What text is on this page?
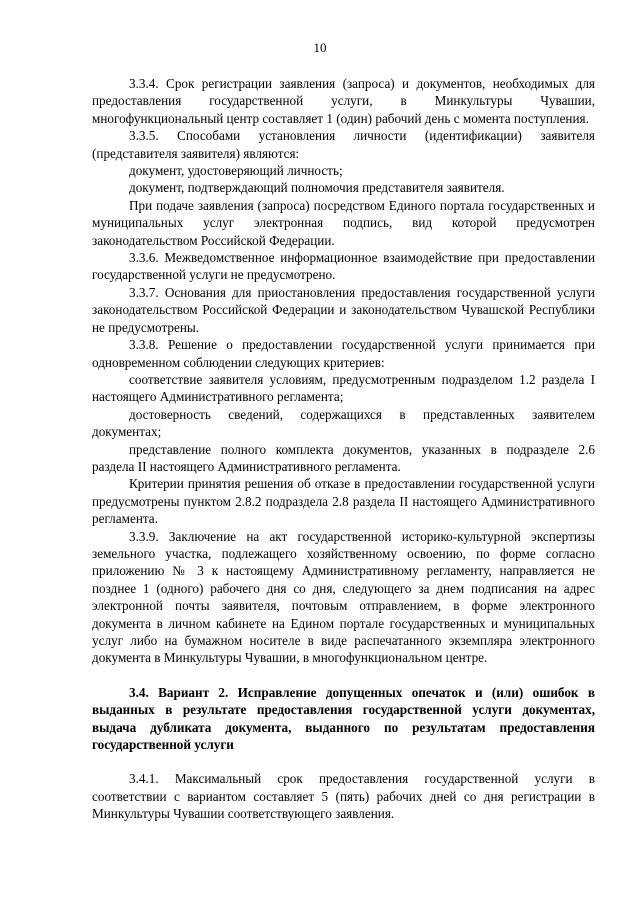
10

3.3.4. Срок регистрации заявления (запроса) и документов, необходимых для предоставления государственной услуги, в Минкультуры Чувашии, многофункциональный центр составляет 1 (один) рабочий день с момента поступления.

3.3.5. Способами установления личности (идентификации) заявителя (представителя заявителя) являются:

документ, удостоверяющий личность;

документ, подтверждающий полномочия представителя заявителя.

При подаче заявления (запроса) посредством Единого портала государственных и муниципальных услуг электронная подпись, вид которой предусмотрен законодательством Российской Федерации.

3.3.6. Межведомственное информационное взаимодействие при предоставлении государственной услуги не предусмотрено.

3.3.7. Основания для приостановления предоставления государственной услуги законодательством Российской Федерации и законодательством Чувашской Республики не предусмотрены.

3.3.8. Решение о предоставлении государственной услуги принимается при одновременном соблюдении следующих критериев:

соответствие заявителя условиям, предусмотренным подразделом 1.2 раздела I настоящего Административного регламента;

достоверность сведений, содержащихся в представленных заявителем документах;

представление полного комплекта документов, указанных в подразделе 2.6 раздела II настоящего Административного регламента.

Критерии принятия решения об отказе в предоставлении государственной услуги предусмотрены пунктом 2.8.2 подраздела 2.8 раздела II настоящего Административного регламента.

3.3.9. Заключение на акт государственной историко-культурной экспертизы земельного участка, подлежащего хозяйственному освоению, по форме согласно приложению № 3 к настоящему Административному регламенту, направляется не позднее 1 (одного) рабочего дня со дня, следующего за днем подписания на адрес электронной почты заявителя, почтовым отправлением, в форме электронного документа в личном кабинете на Едином портале государственных и муниципальных услуг либо на бумажном носителе в виде распечатанного экземпляра электронного документа в Минкультуры Чувашии, в многофункциональном центре.

3.4. Вариант 2. Исправление допущенных опечаток и (или) ошибок в выданных в результате предоставления государственной услуги документах, выдача дубликата документа, выданного по результатам предоставления государственной услуги

3.4.1. Максимальный срок предоставления государственной услуги в соответствии с вариантом составляет 5 (пять) рабочих дней со дня регистрации в Минкультуры Чувашии соответствующего заявления.
